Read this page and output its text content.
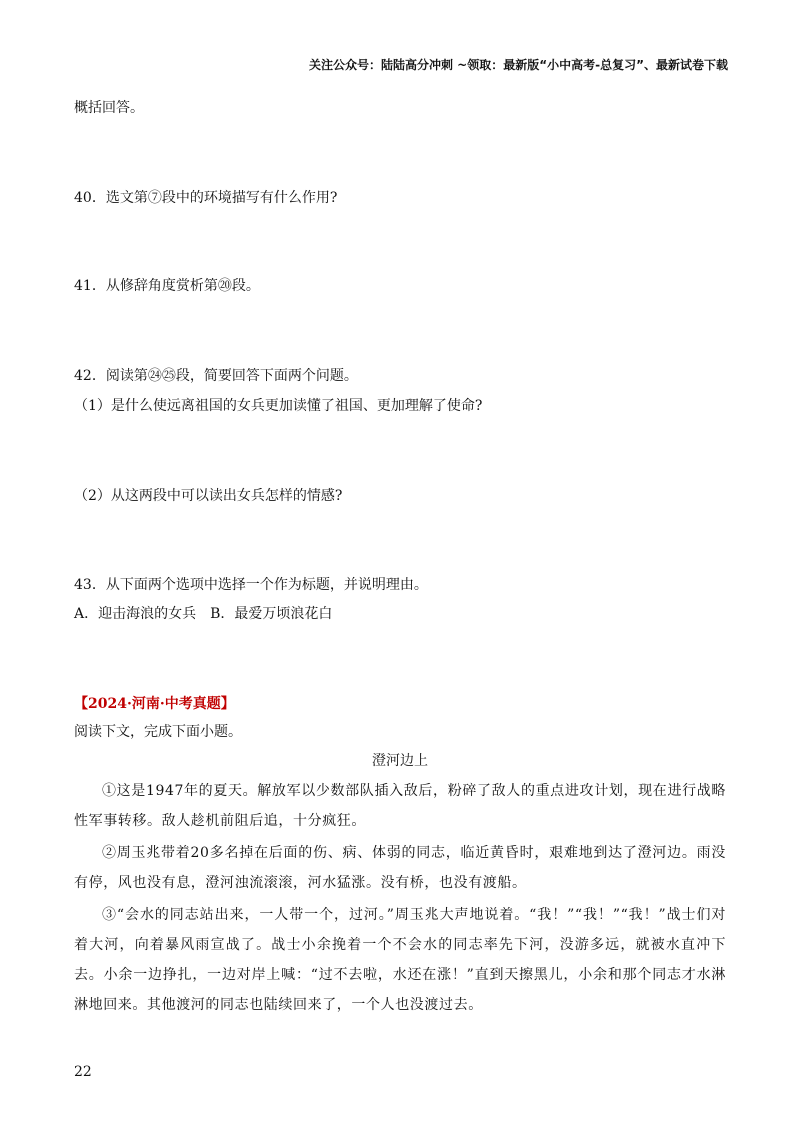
关注公众号：陆陆高分冲刺 ~领取：最新版“小中高考-总复习”、最新试卷下载
概括回答。
40．选文第⑦段中的环境描写有什么作用?
41．从修辞角度赏析第⑳段。
42．阅读第㉔㉕段，简要回答下面两个问题。
（1）是什么使远离祖国的女兵更加读懂了祖国、更加理解了使命?
（2）从这两段中可以读出女兵怎样的情感?
43．从下面两个选项中选择一个作为标题，并说明理由。
A．迎击海浪的女兵　B．最爱万顷浪花白
【2024·河南·中考真题】
阅读下文，完成下面小题。
澄河边上
①这是1947年的夏天。解放军以少数部队插入敌后，粉碎了敌人的重点进攻计划，现在进行战略性军事转移。敌人趁机前阻后追，十分疯狂。
②周玉兆带着20多名掉在后面的伤、病、体弱的同志，临近黄昏时，艰难地到达了澄河边。雨没有停，风也没有息，澄河浊流滚滚，河水猛涨。没有桥，也没有渡船。
③“会水的同志站出来，一人带一个，过河。”周玉兆大声地说着。“我！”“我！”“我！”战士们对着大河，向着暴风雨宣战了。战士小余挽着一个不会水的同志率先下河，没游多远，就被水直冲下去。小余一边挣扎，一边对岸上喊：“过不去啦，水还在涨！”直到天擦黑儿，小余和那个同志才水淋淋地回来。其他渡河的同志也陆续回来了，一个人也没渡过去。
22
